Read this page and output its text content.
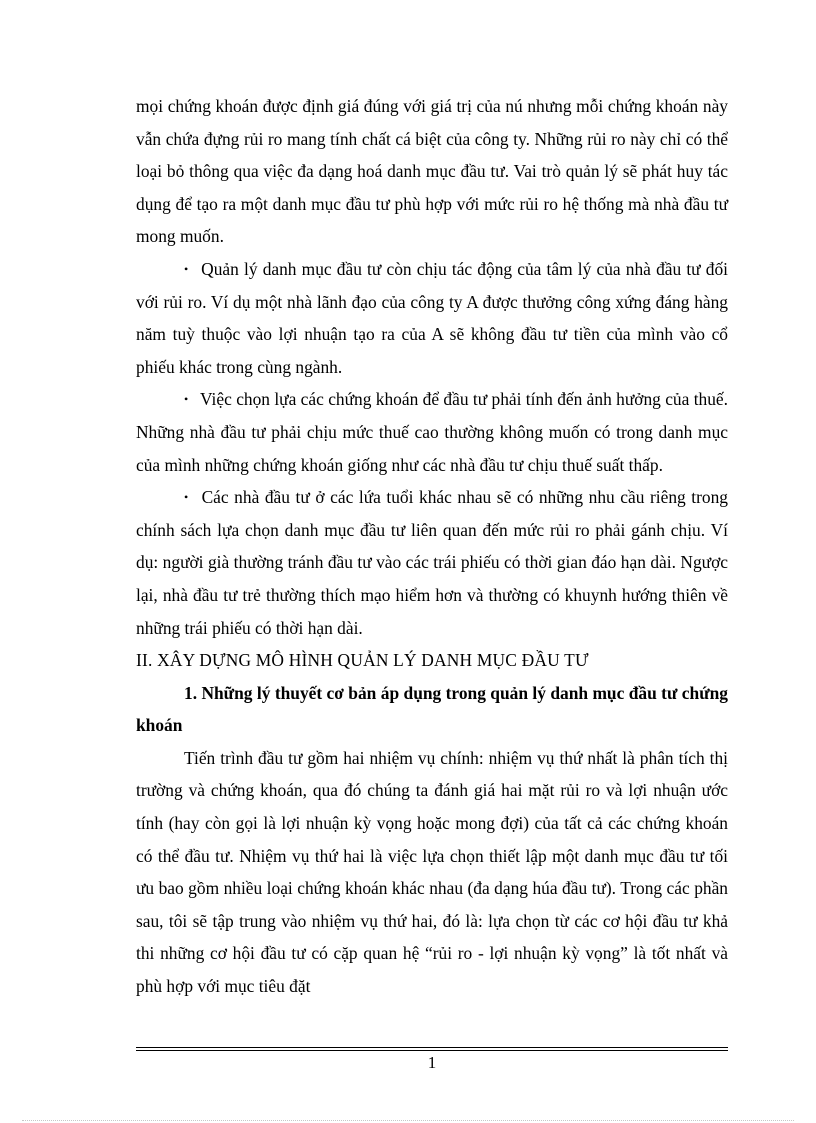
mọi chứng khoán được định giá đúng với giá trị của nú nhưng mỗi chứng khoán này vẫn chứa đựng rủi ro mang tính chất cá biệt của công ty. Những rủi ro này chỉ có thể loại bỏ thông qua việc đa dạng hoá danh mục đầu tư. Vai trò quản lý sẽ phát huy tác dụng để tạo ra một danh mục đầu tư phù hợp với mức rủi ro hệ thống mà nhà đầu tư mong muốn.

• Quản lý danh mục đầu tư còn chịu tác động của tâm lý của nhà đầu tư đối với rủi ro. Ví dụ một nhà lãnh đạo của công ty A được thưởng công xứng đáng hàng năm tuỳ thuộc vào lợi nhuận tạo ra của A sẽ không đầu tư tiền của mình vào cổ phiếu khác trong cùng ngành.

• Việc chọn lựa các chứng khoán để đầu tư phải tính đến ảnh hưởng của thuế. Những nhà đầu tư phải chịu mức thuế cao thường không muốn có trong danh mục của mình những chứng khoán giống như các nhà đầu tư chịu thuế suất thấp.

• Các nhà đầu tư ở các lứa tuổi khác nhau sẽ có những nhu cầu riêng trong chính sách lựa chọn danh mục đầu tư liên quan đến mức rủi ro phải gánh chịu. Ví dụ: người già thường tránh đầu tư vào các trái phiếu có thời gian đáo hạn dài. Ngược lại, nhà đầu tư trẻ thường thích mạo hiểm hơn và thường có khuynh hướng thiên về những trái phiếu có thời hạn dài.

II. XÂY DỰNG MÔ HÌNH QUẢN LÝ DANH MỤC ĐẦU TƯ

1. Những lý thuyết cơ bản áp dụng trong quản lý danh mục đầu tư chứng khoán

Tiến trình đầu tư gồm hai nhiệm vụ chính: nhiệm vụ thứ nhất là phân tích thị trường và chứng khoán, qua đó chúng ta đánh giá hai mặt rủi ro và lợi nhuận ước tính (hay còn gọi là lợi nhuận kỳ vọng hoặc mong đợi) của tất cả các chứng khoán có thể đầu tư. Nhiệm vụ thứ hai là việc lựa chọn thiết lập một danh mục đầu tư tối ưu bao gồm nhiều loại chứng khoán khác nhau (đa dạng húa đầu tư). Trong các phần sau, tôi sẽ tập trung vào nhiệm vụ thứ hai, đó là: lựa chọn từ các cơ hội đầu tư khả thi những cơ hội đầu tư có cặp quan hệ “rủi ro - lợi nhuận kỳ vọng” là tốt nhất và phù hợp với mục tiêu đặt

1
